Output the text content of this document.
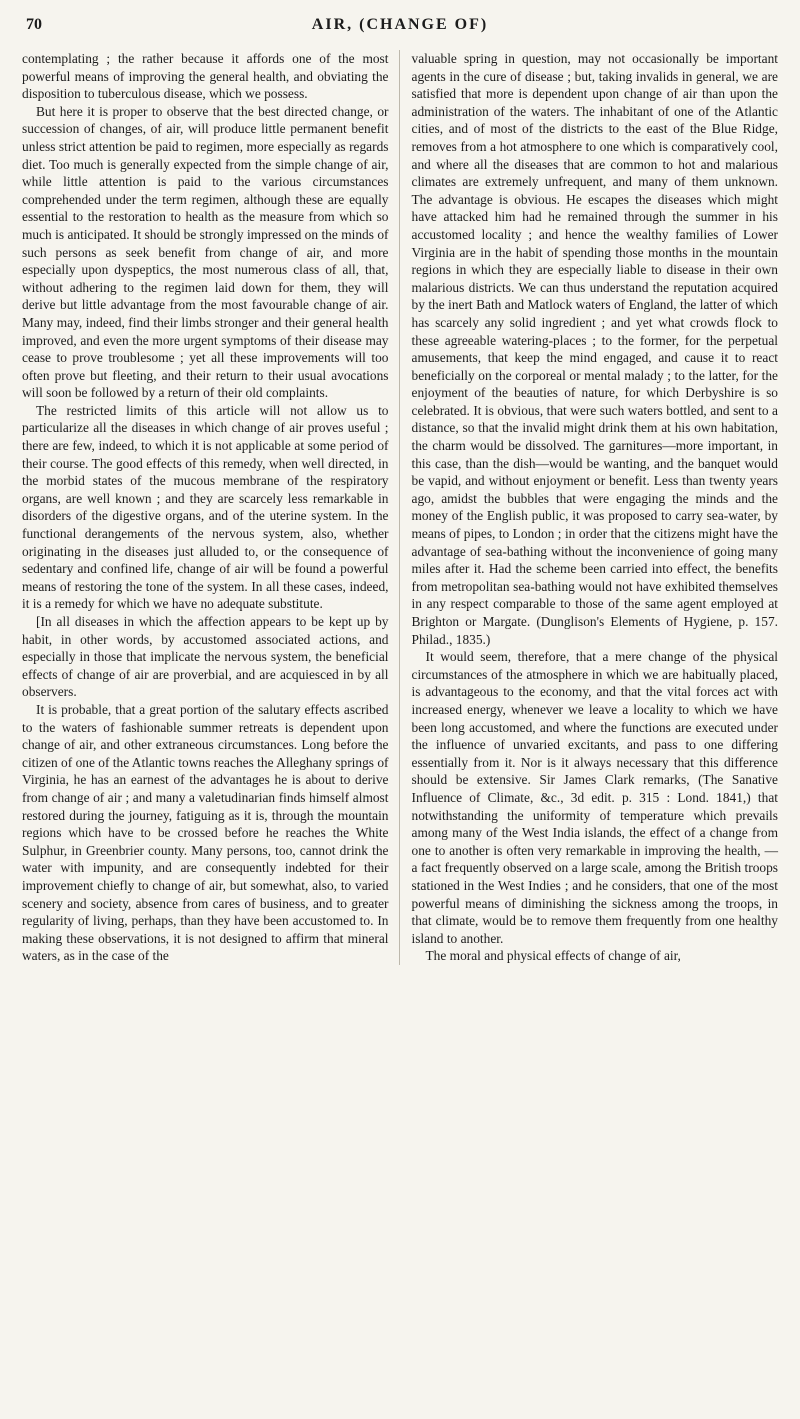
70	AIR, (CHANGE OF)

contemplating ; the rather because it affords one of the most powerful means of improving the general health, and obviating the disposition to tuberculous disease, which we possess.

But here it is proper to observe that the best directed change, or succession of changes, of air, will produce little permanent benefit unless strict attention be paid to regimen, more especially as regards diet. Too much is generally expected from the simple change of air, while little attention is paid to the various circumstances comprehended under the term regimen, although these are equally essential to the restoration to health as the measure from which so much is anticipated. It should be strongly impressed on the minds of such persons as seek benefit from change of air, and more especially upon dyspeptics, the most numerous class of all, that, without adhering to the regimen laid down for them, they will derive but little advantage from the most favourable change of air. Many may, indeed, find their limbs stronger and their general health improved, and even the more urgent symptoms of their disease may cease to prove troublesome ; yet all these improvements will too often prove but fleeting, and their return to their usual avocations will soon be followed by a return of their old complaints.

The restricted limits of this article will not allow us to particularize all the diseases in which change of air proves useful ; there are few, indeed, to which it is not applicable at some period of their course. The good effects of this remedy, when well directed, in the morbid states of the mucous membrane of the respiratory organs, are well known ; and they are scarcely less remarkable in disorders of the digestive organs, and of the uterine system. In the functional derangements of the nervous system, also, whether originating in the diseases just alluded to, or the consequence of sedentary and confined life, change of air will be found a powerful means of restoring the tone of the system. In all these cases, indeed, it is a remedy for which we have no adequate substitute.

[In all diseases in which the affection appears to be kept up by habit, in other words, by accustomed associated actions, and especially in those that implicate the nervous system, the beneficial effects of change of air are proverbial, and are acquiesced in by all observers.

It is probable, that a great portion of the salutary effects ascribed to the waters of fashionable summer retreats is dependent upon change of air, and other extraneous circumstances. Long before the citizen of one of the Atlantic towns reaches the Alleghany springs of Virginia, he has an earnest of the advantages he is about to derive from change of air ; and many a valetudinarian finds himself almost restored during the journey, fatiguing as it is, through the mountain regions which have to be crossed before he reaches the White Sulphur, in Greenbrier county. Many persons, too, cannot drink the water with impunity, and are consequently indebted for their improvement chiefly to change of air, but somewhat, also, to varied scenery and society, absence from cares of business, and to greater regularity of living, perhaps, than they have been accustomed to. In making these observations, it is not designed to affirm that mineral waters, as in the case of the

valuable spring in question, may not occasionally be important agents in the cure of disease ; but, taking invalids in general, we are satisfied that more is dependent upon change of air than upon the administration of the waters. The inhabitant of one of the Atlantic cities, and of most of the districts to the east of the Blue Ridge, removes from a hot atmosphere to one which is comparatively cool, and where all the diseases that are common to hot and malarious climates are extremely unfrequent, and many of them unknown. The advantage is obvious. He escapes the diseases which might have attacked him had he remained through the summer in his accustomed locality ; and hence the wealthy families of Lower Virginia are in the habit of spending those months in the mountain regions in which they are especially liable to disease in their own malarious districts. We can thus understand the reputation acquired by the inert Bath and Matlock waters of England, the latter of which has scarcely any solid ingredient ; and yet what crowds flock to these agreeable watering-places ; to the former, for the perpetual amusements, that keep the mind engaged, and cause it to react beneficially on the corporeal or mental malady ; to the latter, for the enjoyment of the beauties of nature, for which Derbyshire is so celebrated. It is obvious, that were such waters bottled, and sent to a distance, so that the invalid might drink them at his own habitation, the charm would be dissolved. The garnitures—more important, in this case, than the dish—would be wanting, and the banquet would be vapid, and without enjoyment or benefit. Less than twenty years ago, amidst the bubbles that were engaging the minds and the money of the English public, it was proposed to carry sea-water, by means of pipes, to London ; in order that the citizens might have the advantage of sea-bathing without the inconvenience of going many miles after it. Had the scheme been carried into effect, the benefits from metropolitan sea-bathing would not have exhibited themselves in any respect comparable to those of the same agent employed at Brighton or Margate. (Dunglison's Elements of Hygiene, p. 157. Philad., 1835.)

It would seem, therefore, that a mere change of the physical circumstances of the atmosphere in which we are habitually placed, is advantageous to the economy, and that the vital forces act with increased energy, whenever we leave a locality to which we have been long accustomed, and where the functions are executed under the influence of unvaried excitants, and pass to one differing essentially from it. Nor is it always necessary that this difference should be extensive. Sir James Clark remarks, (The Sanative Influence of Climate, &c., 3d edit. p. 315 : Lond. 1841,) that notwithstanding the uniformity of temperature which prevails among many of the West India islands, the effect of a change from one to another is often very remarkable in improving the health, — a fact frequently observed on a large scale, among the British troops stationed in the West Indies ; and he considers, that one of the most powerful means of diminishing the sickness among the troops, in that climate, would be to remove them frequently from one healthy island to another.

The moral and physical effects of change of air,
